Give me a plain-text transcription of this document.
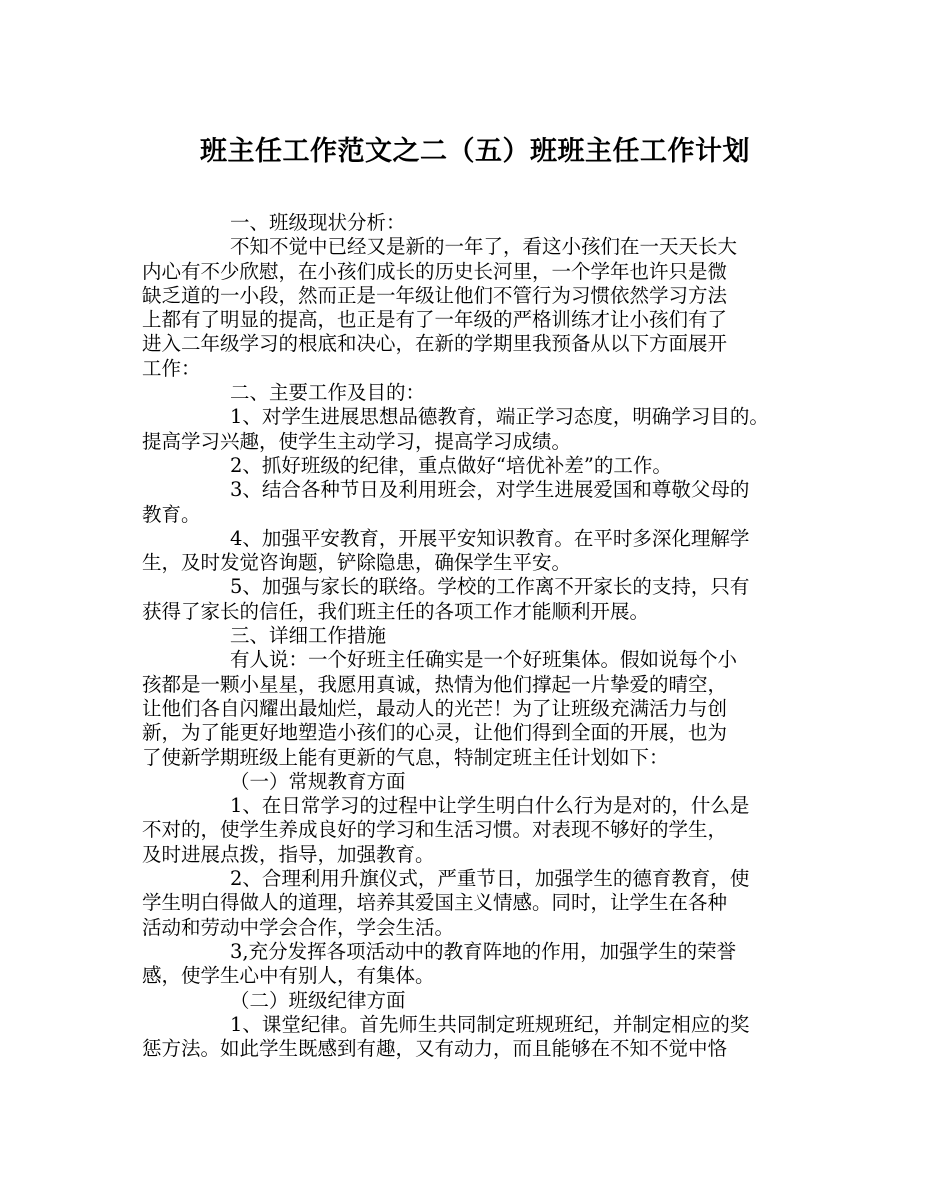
班主任工作范文之二（五）班班主任工作计划
一、班级现状分析：
不知不觉中已经又是新的一年了，看这小孩们在一天天长大
内心有不少欣慰，在小孩们成长的历史长河里，一个学年也许只是微
缺乏道的一小段，然而正是一年级让他们不管行为习惯依然学习方法
上都有了明显的提高，也正是有了一年级的严格训练才让小孩们有了
进入二年级学习的根底和决心，在新的学期里我预备从以下方面展开
工作：
二、主要工作及目的：
1、对学生进展思想品德教育，端正学习态度，明确学习目的。
提高学习兴趣，使学生主动学习，提高学习成绩。
2、抓好班级的纪律，重点做好“培优补差”的工作。
3、结合各种节日及利用班会，对学生进展爱国和尊敬父母的
教育。
4、加强平安教育，开展平安知识教育。在平时多深化理解学
生，及时发觉咨询题，铲除隐患，确保学生平安。
5、加强与家长的联络。学校的工作离不开家长的支持，只有
获得了家长的信任，我们班主任的各项工作才能顺利开展。
三、详细工作措施
有人说：一个好班主任确实是一个好班集体。假如说每个小
孩都是一颗小星星，我愿用真诚，热情为他们撑起一片挚爱的晴空，
让他们各自闪耀出最灿烂，最动人的光芒！为了让班级充满活力与创
新，为了能更好地塑造小孩们的心灵，让他们得到全面的开展，也为
了使新学期班级上能有更新的气息，特制定班主任计划如下：
（一）常规教育方面
1、在日常学习的过程中让学生明白什么行为是对的，什么是
不对的，使学生养成良好的学习和生活习惯。对表现不够好的学生，
及时进展点拨，指导，加强教育。
2、合理利用升旗仪式，严重节日，加强学生的德育教育，使
学生明白得做人的道理，培养其爱国主义情感。同时，让学生在各种
活动和劳动中学会合作，学会生活。
3,充分发挥各项活动中的教育阵地的作用，加强学生的荣誉
感，使学生心中有别人，有集体。
（二）班级纪律方面
1、课堂纪律。首先师生共同制定班规班纪，并制定相应的奖
惩方法。如此学生既感到有趣，又有动力，而且能够在不知不觉中恪
